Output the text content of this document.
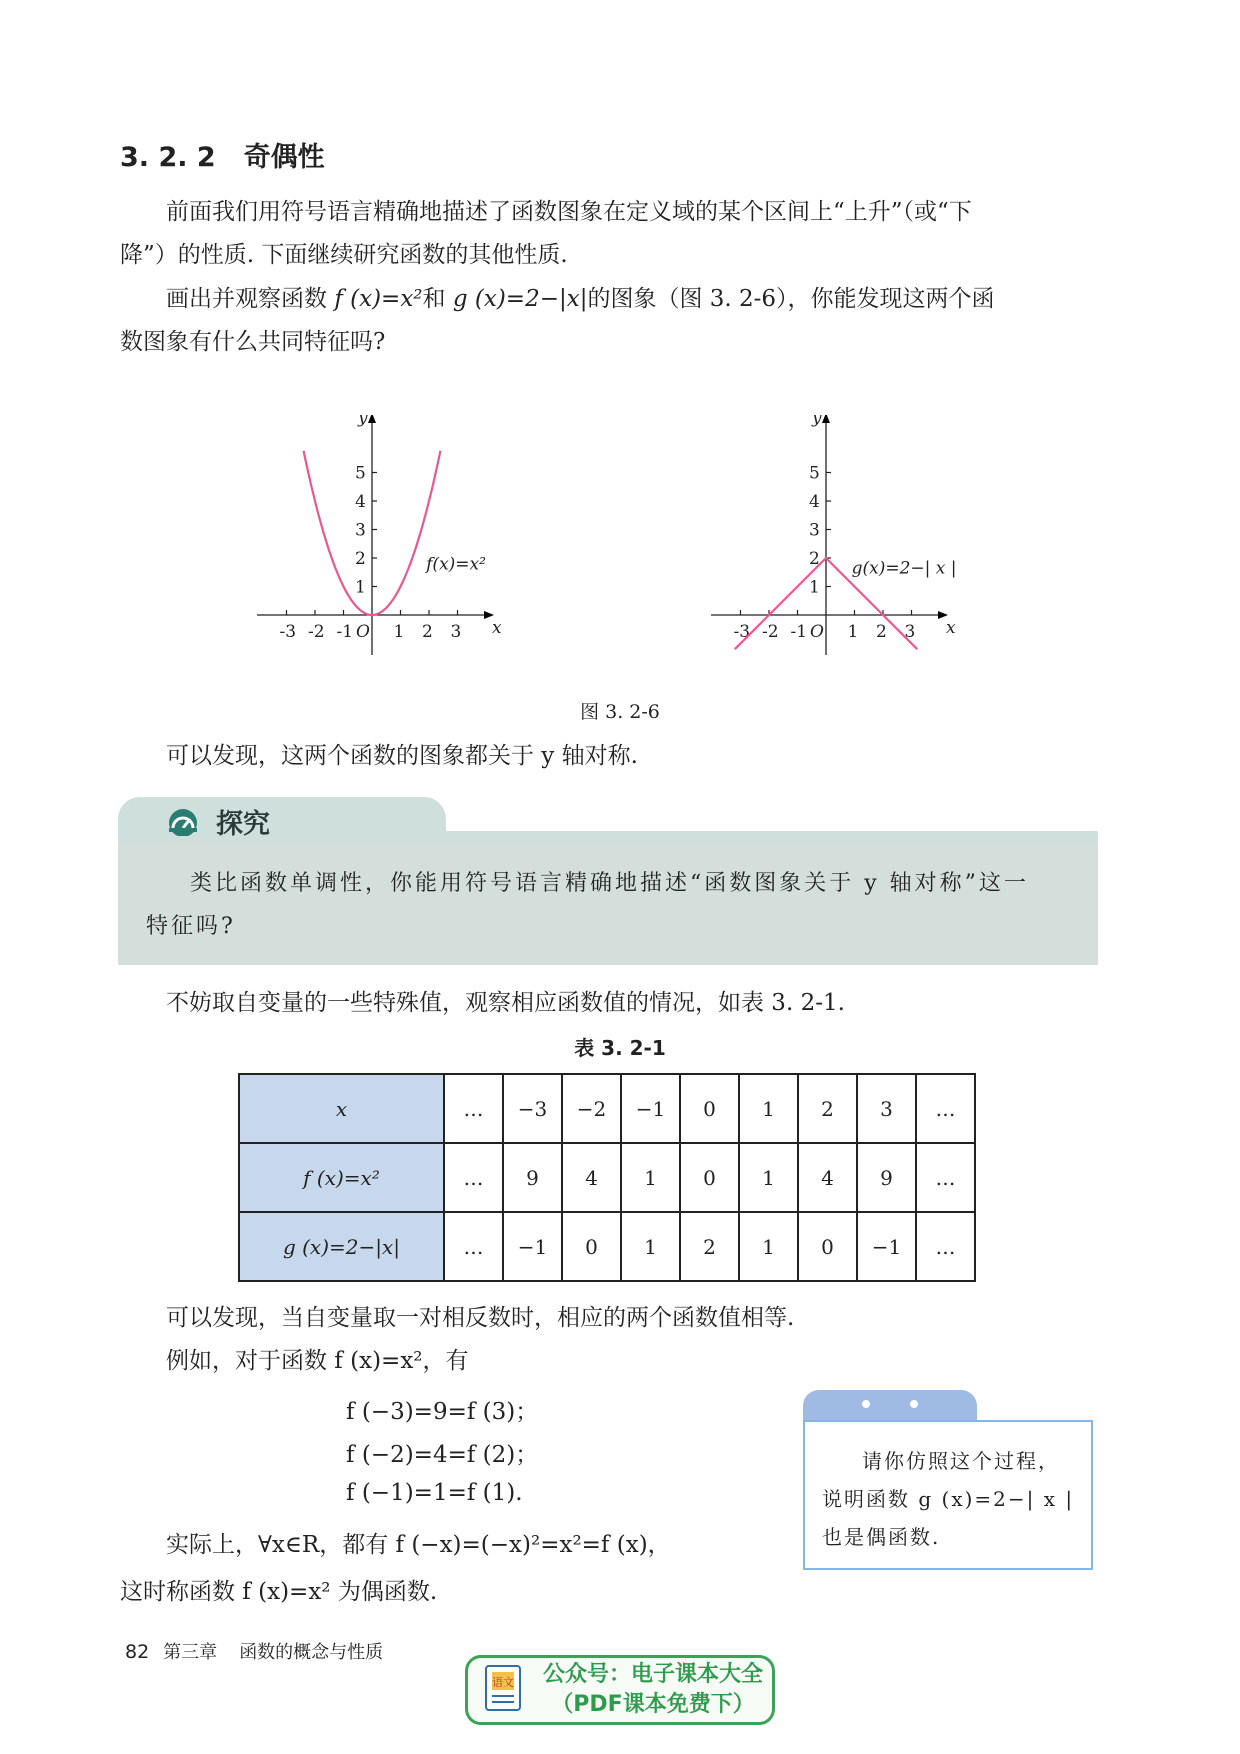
3. 2. 2 奇偶性

前面我们用符号语言精确地描述了函数图象在定义域的某个区间上“上升”（或“下
降”）的性质. 下面继续研究函数的其他性质.

画出并观察函数 f (x)=x²和 g (x)=2−|x|的图象（图 3. 2-6），你能发现这两个函
数图象有什么共同特征吗?

y
x
O
-3 -2 -1 1 2 3
1
2
3
4
5
f(x)=x²
y
x
O
-3 -2 -1 1 2 3
1
2
3
4
5
g(x)=2−| x |
图 3. 2-6

可以发现，这两个函数的图象都关于 y 轴对称.

探究
类比函数单调性，你能用符号语言精确地描述“函数图象关于 y 轴对称”这一
特征吗?

不妨取自变量的一些特殊值，观察相应函数值的情况，如表 3. 2-1.

表 3. 2-1
x	…	−3	−2	−1	0	1	2	3	…
f (x)=x²	…	9	4	1	0	1	4	9	…
g (x)=2−|x|	…	−1	0	1	2	1	0	−1	…

可以发现，当自变量取一对相反数时，相应的两个函数值相等.

例如，对于函数 f (x)=x²，有

f (−3)=9=f (3)；
f (−2)=4=f (2)；
f (−1)=1=f (1).

实际上，∀x∈R，都有 f (−x)=(−x)²=x²=f (x)，

这时称函数 f (x)=x² 为偶函数.

请你仿照这个过程，
说明函数 g (x)=2−| x |
也是偶函数.
82 第三章 函数的概念与性质
语文 公众号：电子课本大全
（PDF课本免费下）
